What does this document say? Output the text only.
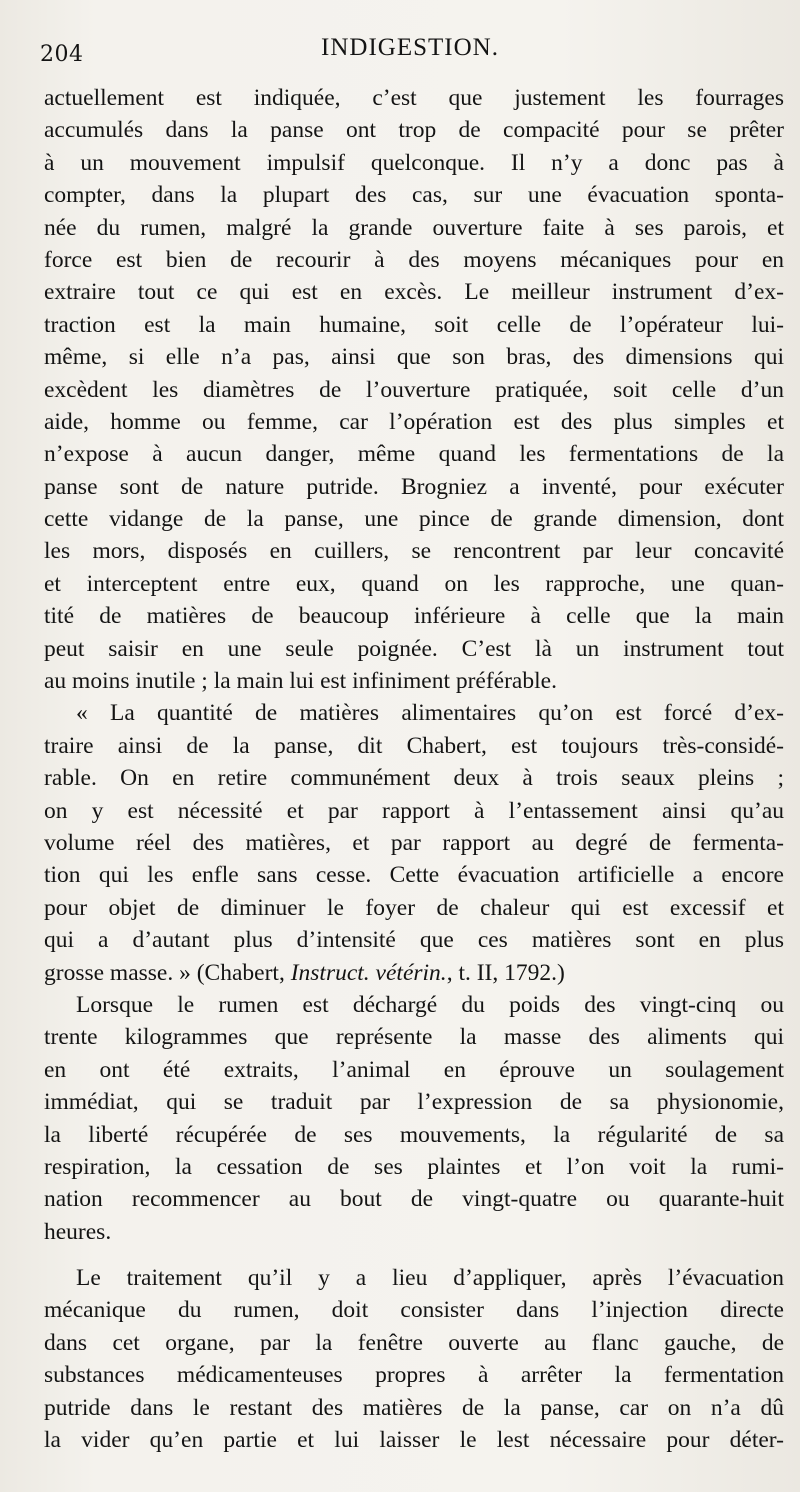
204	INDIGESTION.
actuellement est indiquée, c’est que justement les fourrages
accumulés dans la panse ont trop de compacité pour se prêter
à un mouvement impulsif quelconque. Il n’y a donc pas à
compter, dans la plupart des cas, sur une évacuation sponta-
née du rumen, malgré la grande ouverture faite à ses parois, et
force est bien de recourir à des moyens mécaniques pour en
extraire tout ce qui est en excès. Le meilleur instrument d’ex-
traction est la main humaine, soit celle de l’opérateur lui-
même, si elle n’a pas, ainsi que son bras, des dimensions qui
excèdent les diamètres de l’ouverture pratiquée, soit celle d’un
aide, homme ou femme, car l’opération est des plus simples et
n’expose à aucun danger, même quand les fermentations de la
panse sont de nature putride. Brogniez a inventé, pour exécuter
cette vidange de la panse, une pince de grande dimension, dont
les mors, disposés en cuillers, se rencontrent par leur concavité
et interceptent entre eux, quand on les rapproche, une quan-
tité de matières de beaucoup inférieure à celle que la main
peut saisir en une seule poignée. C’est là un instrument tout
au moins inutile ; la main lui est infiniment préférable.
« La quantité de matières alimentaires qu’on est forcé d’ex-
traire ainsi de la panse, dit Chabert, est toujours très-considé-
rable. On en retire communément deux à trois seaux pleins ;
on y est nécessité et par rapport à l’entassement ainsi qu’au
volume réel des matières, et par rapport au degré de fermenta-
tion qui les enfle sans cesse. Cette évacuation artificielle a encore
pour objet de diminuer le foyer de chaleur qui est excessif et
qui a d’autant plus d’intensité que ces matières sont en plus
grosse masse. » (Chabert, Instruct. vétérin., t. II, 1792.)
Lorsque le rumen est déchargé du poids des vingt-cinq ou
trente kilogrammes que représente la masse des aliments qui
en ont été extraits, l’animal en éprouve un soulagement
immédiat, qui se traduit par l’expression de sa physionomie,
la liberté récupérée de ses mouvements, la régularité de sa
respiration, la cessation de ses plaintes et l’on voit la rumi-
nation recommencer au bout de vingt-quatre ou quarante-huit
heures.
Le traitement qu’il y a lieu d’appliquer, après l’évacuation
mécanique du rumen, doit consister dans l’injection directe
dans cet organe, par la fenêtre ouverte au flanc gauche, de
substances médicamenteuses propres à arrêter la fermentation
putride dans le restant des matières de la panse, car on n’a dû
la vider qu’en partie et lui laisser le lest nécessaire pour déter-
